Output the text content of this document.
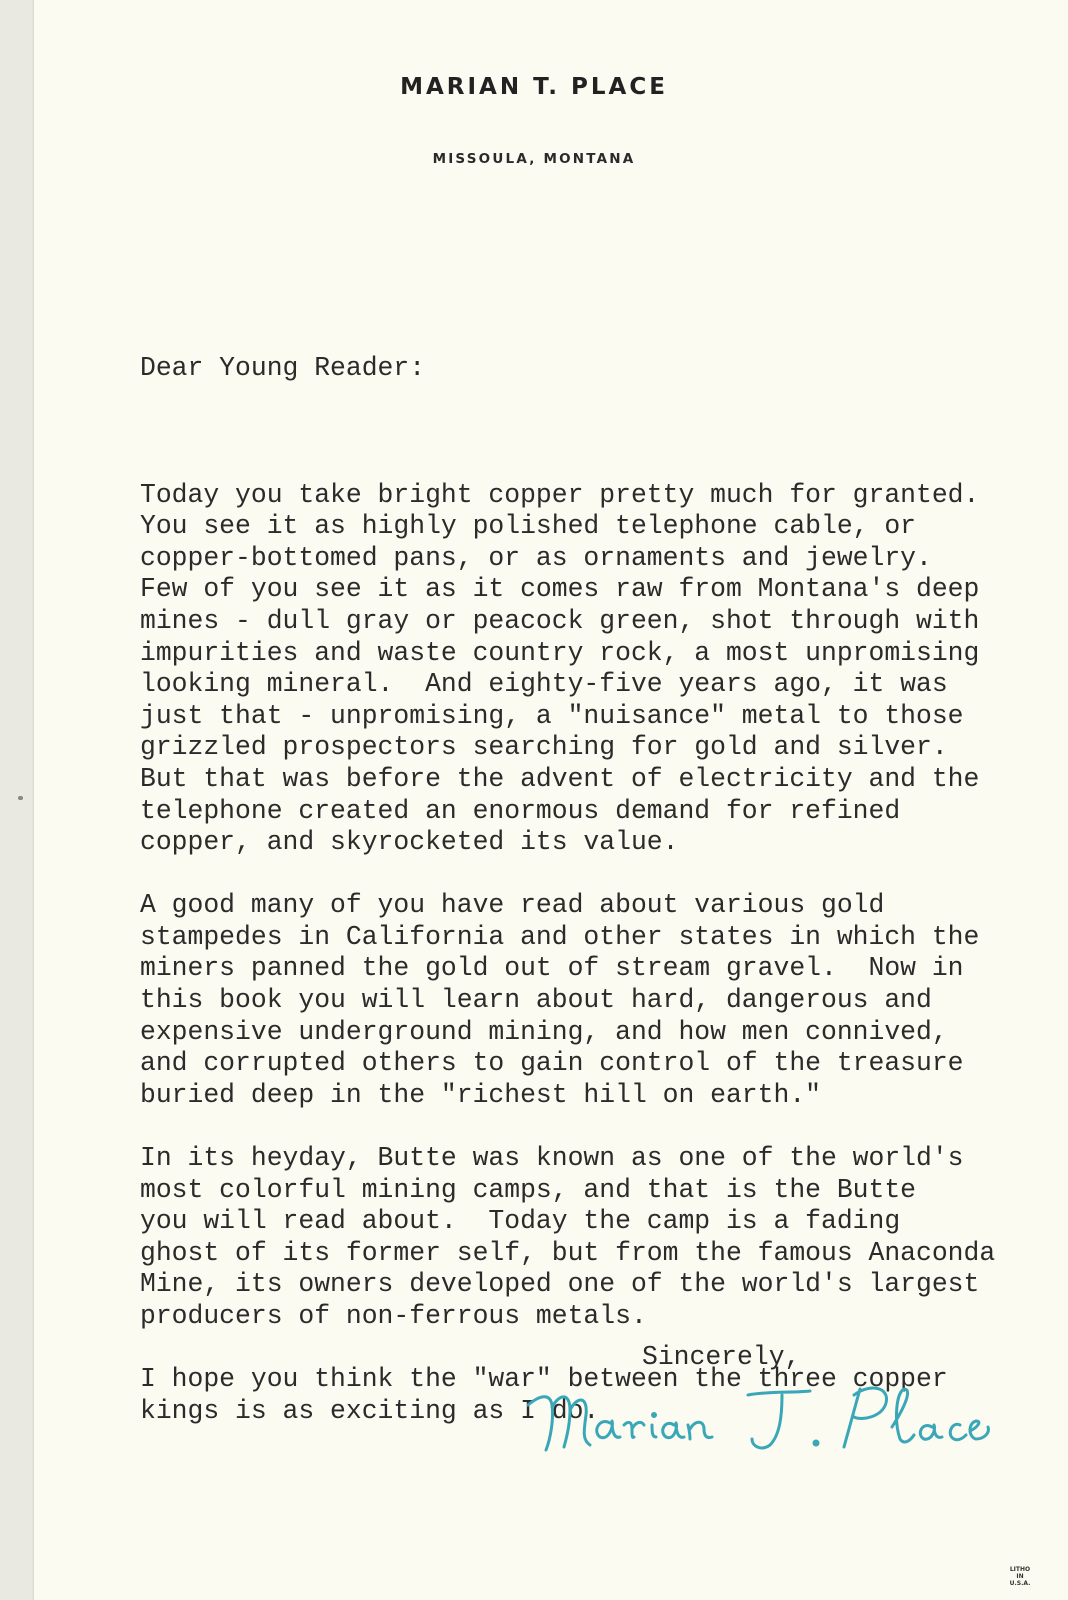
MARIAN T. PLACE
MISSOULA, MONTANA

Dear Young Reader:

Today you take bright copper pretty much for granted.
You see it as highly polished telephone cable, or
copper-bottomed pans, or as ornaments and jewelry.
Few of you see it as it comes raw from Montana's deep
mines - dull gray or peacock green, shot through with
impurities and waste country rock, a most unpromising
looking mineral.  And eighty-five years ago, it was
just that - unpromising, a "nuisance" metal to those
grizzled prospectors searching for gold and silver.
But that was before the advent of electricity and the
telephone created an enormous demand for refined
copper, and skyrocketed its value.
A good many of you have read about various gold
stampedes in California and other states in which the
miners panned the gold out of stream gravel.  Now in
this book you will learn about hard, dangerous and
expensive underground mining, and how men connived,
and corrupted others to gain control of the treasure
buried deep in the "richest hill on earth."
In its heyday, Butte was known as one of the world's
most colorful mining camps, and that is the Butte
you will read about.  Today the camp is a fading
ghost of its former self, but from the famous Anaconda
Mine, its owners developed one of the world's largest
producers of non-ferrous metals.
I hope you think the "war" between the three copper
kings is as exciting as I do.

Sincerely,
LITHO
IN
U.S.A.
